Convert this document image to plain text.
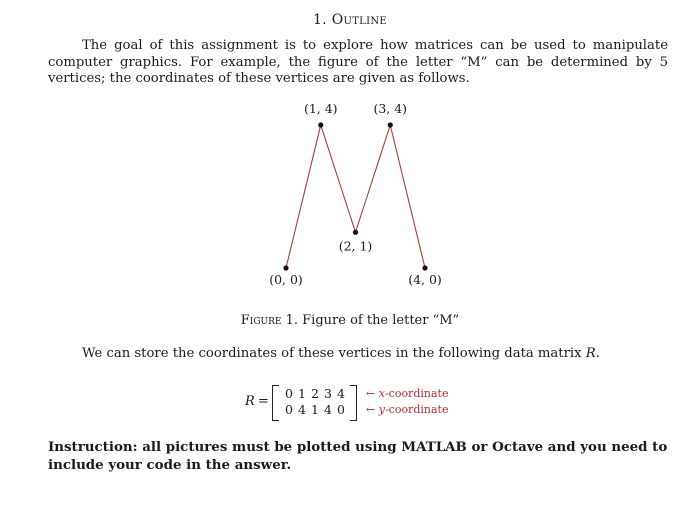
1. Outline

The goal of this assignment is to explore how matrices can be used to manipulate computer graphics. For example, the figure of the letter “M” can be determined by 5 vertices; the coordinates of these vertices are given as follows.

(0, 0)
(1, 4)
(2, 1)
(3, 4)
(4, 0)
Figure 1. Figure of the letter “M”
We can store the coordinates of these vertices in the following data matrix R.
R =
0 1 2 3 4
0 4 1 4 0
← x-coordinate
← y-coordinate

Instruction: all pictures must be plotted using MATLAB or Octave and you need to include your code in the answer.
